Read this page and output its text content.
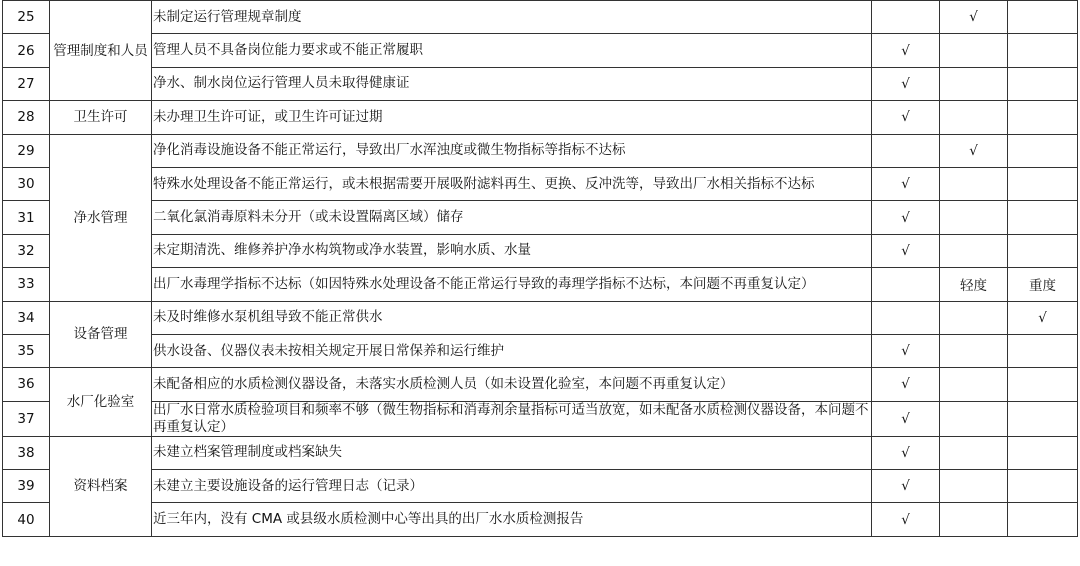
25	管理制度和人员	未制定运行管理规章制度		√	
26		管理人员不具备岗位能力要求或不能正常履职	√		
27		净水、制水岗位运行管理人员未取得健康证	√		
28	卫生许可	未办理卫生许可证，或卫生许可证过期	√		
29	净水管理	净化消毒设施设备不能正常运行，导致出厂水浑浊度或微生物指标等指标不达标		√	
30		特殊水处理设备不能正常运行，或未根据需要开展吸附滤料再生、更换、反冲洗等，导致出厂水相关指标不达标	√		
31		二氧化氯消毒原料未分开（或未设置隔离区域）储存	√		
32		未定期清洗、维修养护净水构筑物或净水装置，影响水质、水量	√		
33		出厂水毒理学指标不达标（如因特殊水处理设备不能正常运行导致的毒理学指标不达标，本问题不再重复认定）		轻度	重度
34	设备管理	未及时维修水泵机组导致不能正常供水			√
35		供水设备、仪器仪表未按相关规定开展日常保养和运行维护	√		
36	水厂化验室	未配备相应的水质检测仪器设备，未落实水质检测人员（如未设置化验室，本问题不再重复认定）	√		
37		出厂水日常水质检验项目和频率不够（微生物指标和消毒剂余量指标可适当放宽，如未配备水质检测仪器设备，本问题不再重复认定）	√		
38	资料档案	未建立档案管理制度或档案缺失	√		
39		未建立主要设施设备的运行管理日志（记录）	√		
40		近三年内，没有 CMA 或县级水质检测中心等出具的出厂水水质检测报告	√		
